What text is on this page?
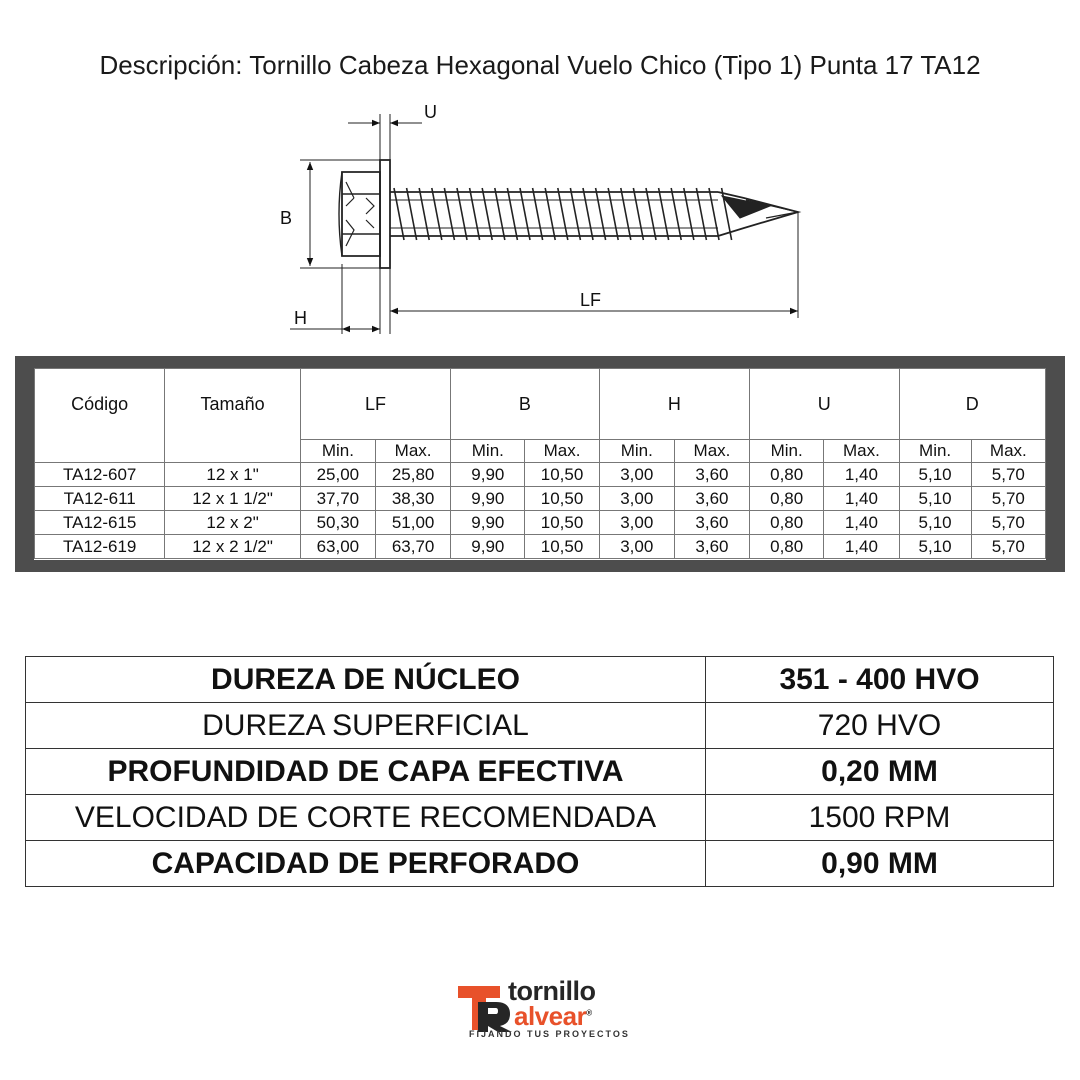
Descripción: Tornillo Cabeza Hexagonal Vuelo Chico (Tipo 1) Punta 17 TA12
U
B
H
LF
Código	Tamaño	LF		B		H		U		D	
		Min.	Max.	Min.	Max.	Min.	Max.	Min.	Max.	Min.	Max.
TA12-607	12 x 1"	25,00	25,80	9,90	10,50	3,00	3,60	0,80	1,40	5,10	5,70
TA12-611	12 x 1 1/2"	37,70	38,30	9,90	10,50	3,00	3,60	0,80	1,40	5,10	5,70
TA12-615	12 x 2"	50,30	51,00	9,90	10,50	3,00	3,60	0,80	1,40	5,10	5,70
TA12-619	12 x 2 1/2"	63,00	63,70	9,90	10,50	3,00	3,60	0,80	1,40	5,10	5,70
DUREZA DE NÚCLEO	351 - 400 HVO
DUREZA SUPERFICIAL	720 HVO
PROFUNDIDAD DE CAPA EFECTIVA	0,20 MM
VELOCIDAD DE CORTE RECOMENDADA	1500 RPM
CAPACIDAD DE PERFORADO	0,90 MM
tornillo
alvear®
FIJANDO TUS PROYECTOS
